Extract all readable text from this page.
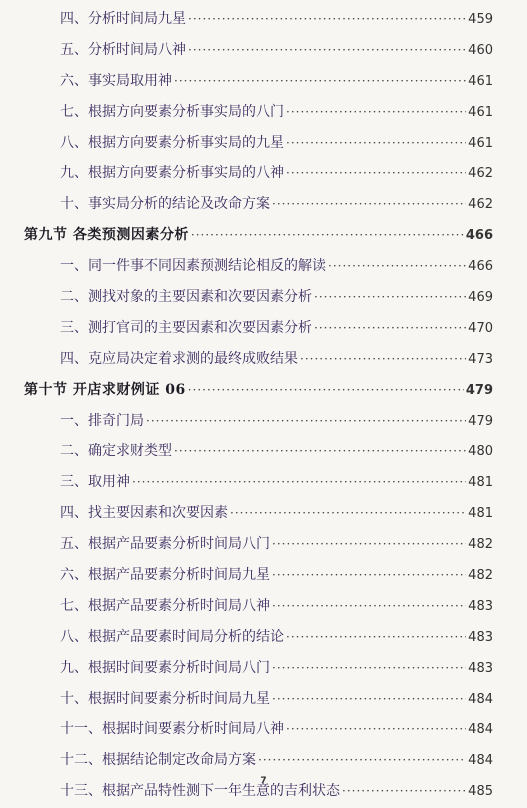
四、分析时间局九星 ·····	459
五、分析时间局八神 ·····	460
六、事实局取用神 ·····	461
七、根据方向要素分析事实局的八门 ·····	461
八、根据方向要素分析事实局的九星 ·····	461
九、根据方向要素分析事实局的八神 ·····	462
十、事实局分析的结论及改命方案 ·····	462
第九节 各类预测因素分析 ·····	466
一、同一件事不同因素预测结论相反的解读 ·····	466
二、测找对象的主要因素和次要因素分析 ·····	469
三、测打官司的主要因素和次要因素分析 ·····	470
四、克应局决定着求测的最终成败结果 ·····	473
第十节 开店求财例证 06 ·····	479
一、排奇门局 ·····	479
二、确定求财类型 ·····	480
三、取用神 ·····	481
四、找主要因素和次要因素 ·····	481
五、根据产品要素分析时间局八门 ·····	482
六、根据产品要素分析时间局九星 ·····	482
七、根据产品要素分析时间局八神 ·····	483
八、根据产品要素时间局分析的结论 ·····	483
九、根据时间要素分析时间局八门 ·····	483
十、根据时间要素分析时间局九星 ·····	484
十一、根据时间要素分析时间局八神 ·····	484
十二、根据结论制定改命局方案 ·····	484
十三、根据产品特性测下一年生意的吉利状态 ·····	485
7
